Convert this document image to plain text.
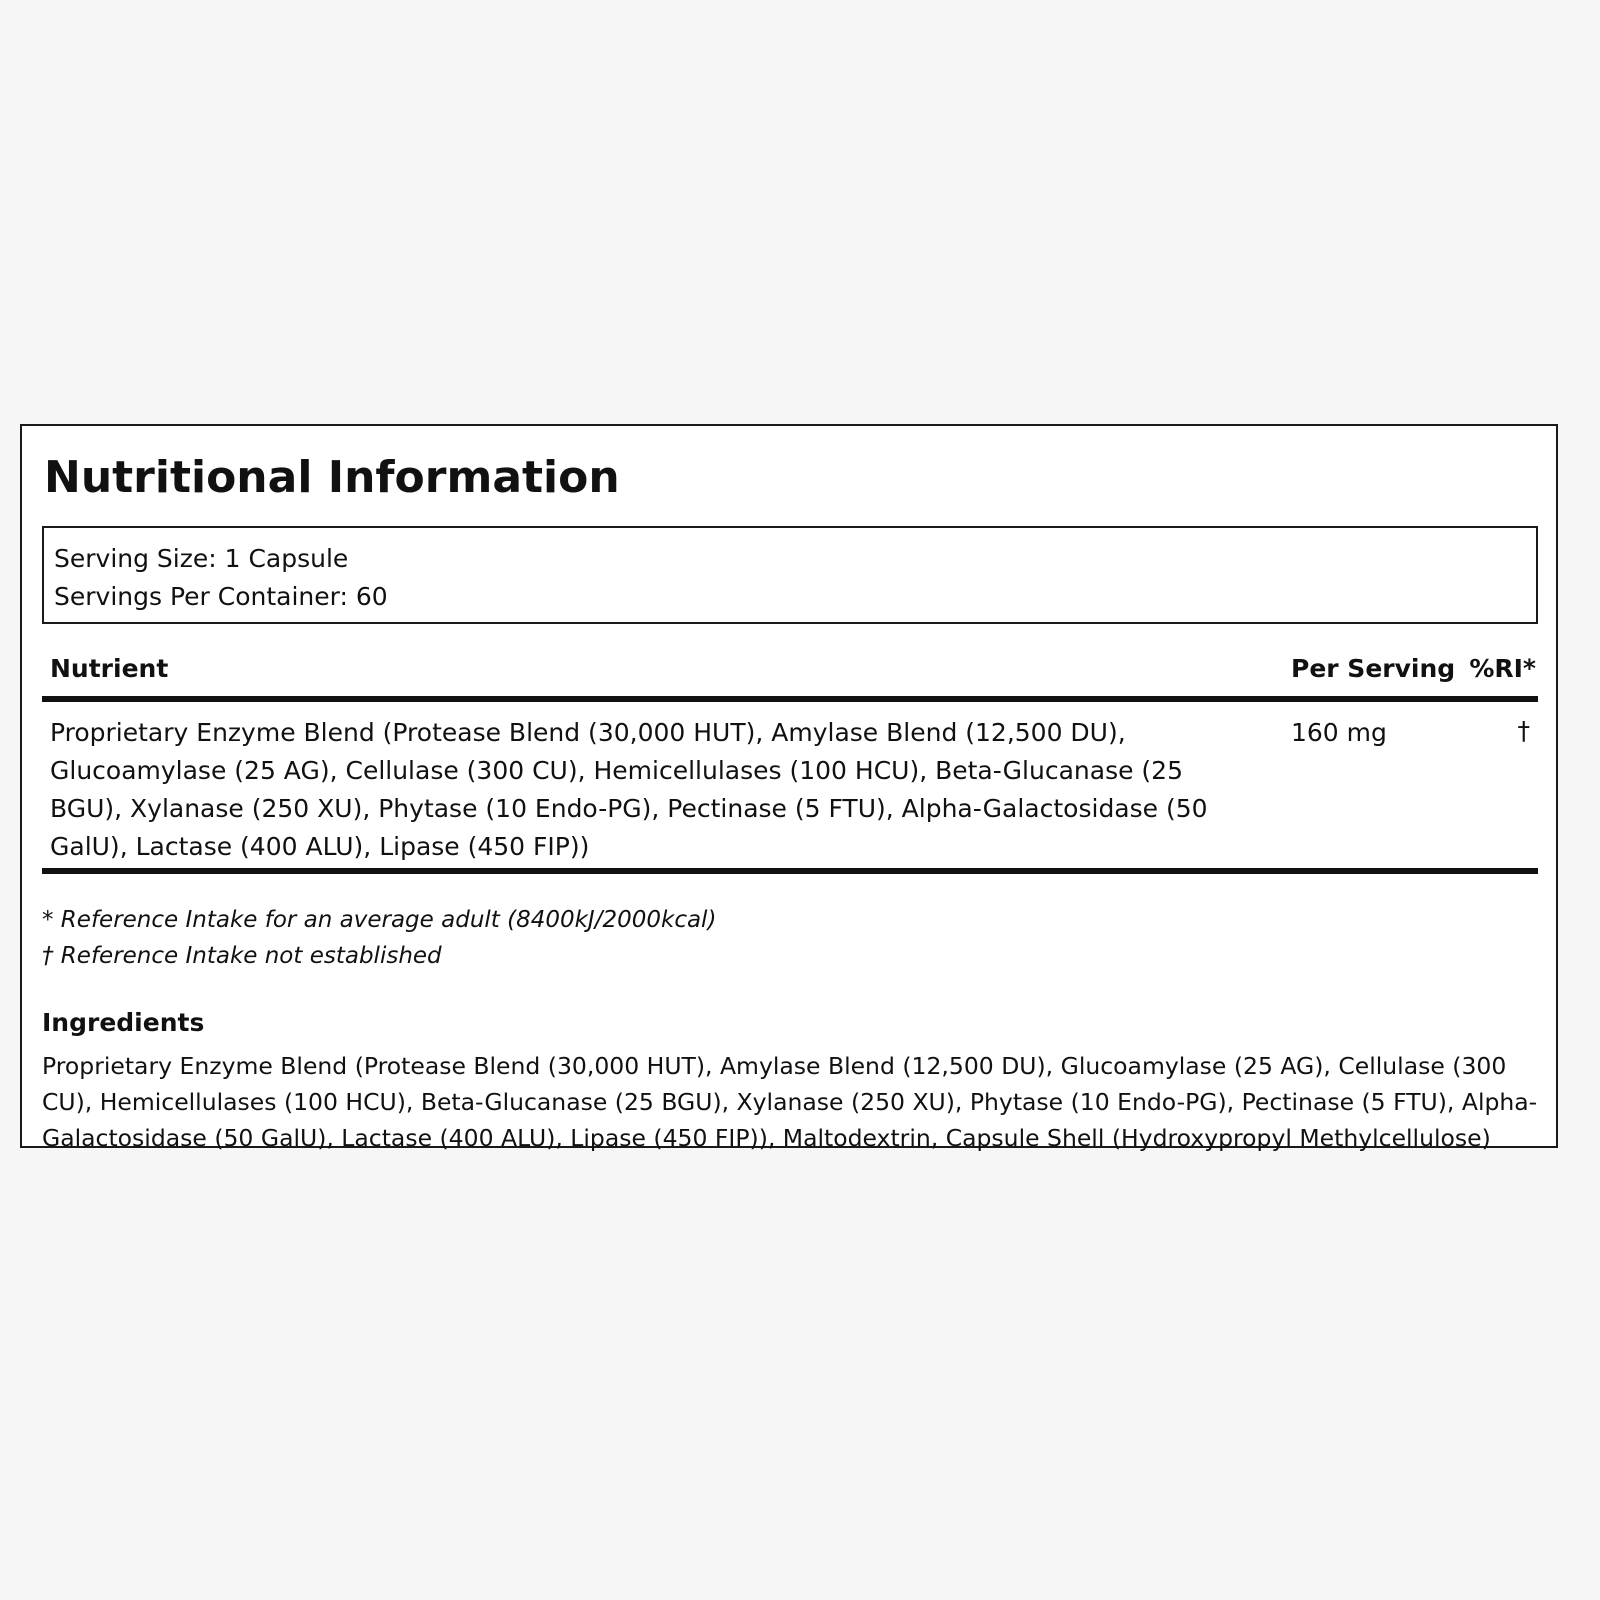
Nutritional Information
Serving Size: 1 Capsule
Servings Per Container: 60
Nutrient	Per Serving %RI*
Proprietary Enzyme Blend (Protease Blend (30,000 HUT), Amylase Blend (12,500 DU), Glucoamylase (25 AG), Cellulase (300 CU), Hemicellulases (100 HCU), Beta-Glucanase (25 BGU), Xylanase (250 XU), Phytase (10 Endo-PG), Pectinase (5 FTU), Alpha-Galactosidase (50 GalU), Lactase (400 ALU), Lipase (450 FIP))
160 mg	†
* Reference Intake for an average adult (8400kJ/2000kcal)
† Reference Intake not established
Ingredients
Proprietary Enzyme Blend (Protease Blend (30,000 HUT), Amylase Blend (12,500 DU), Glucoamylase (25 AG), Cellulase (300 CU), Hemicellulases (100 HCU), Beta-Glucanase (25 BGU), Xylanase (250 XU), Phytase (10 Endo-PG), Pectinase (5 FTU), Alpha-Galactosidase (50 GalU), Lactase (400 ALU), Lipase (450 FIP)), Maltodextrin, Capsule Shell (Hydroxypropyl Methylcellulose)
